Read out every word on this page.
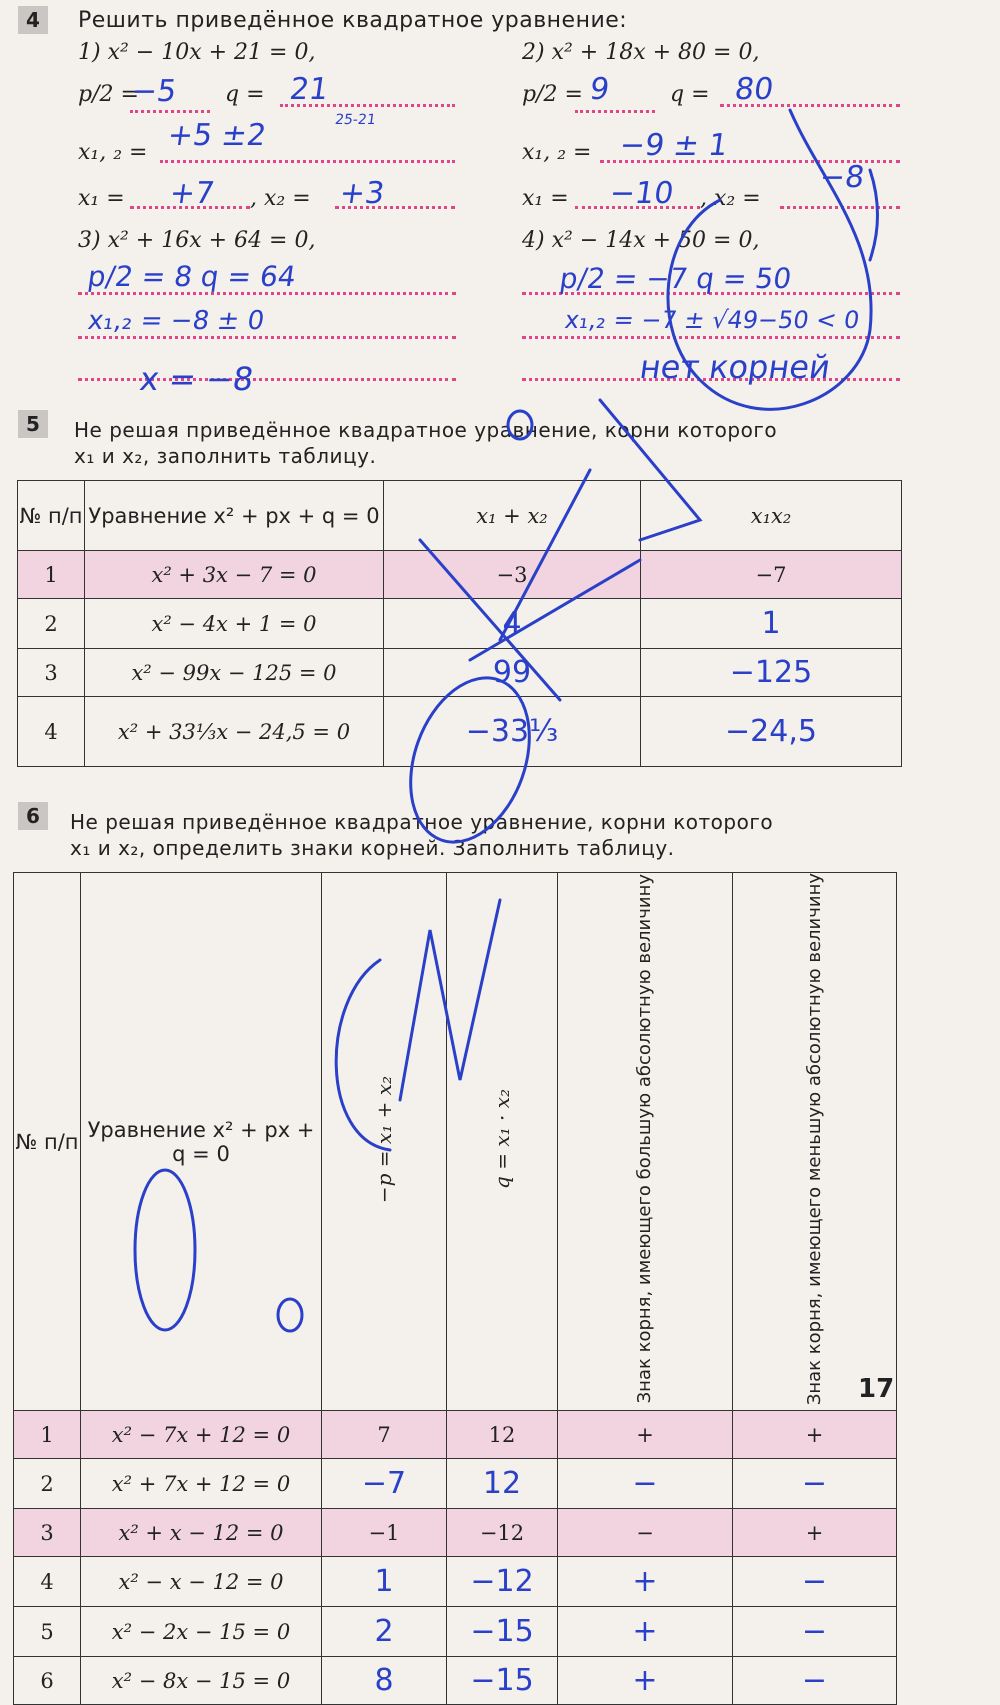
4	Решить приведённое квадратное уравнение:
1) x² − 10x + 21 = 0,	2) x² + 18x + 80 = 0,
p/2 =	q =	p/2 =	q =
−5	21	9	80
x₁, ₂ =	x₁, ₂ =
+5 ±2	25-21
−9 ± 1
x₁ =	, x₂ =	x₁ =	, x₂ =
+7	+3	−10	−8
3) x² + 16x + 64 = 0,	4) x² − 14x + 50 = 0,
p/2 = 8 q = 64
x₁,₂ = −8 ± 0
x = −8
p/2 = −7 q = 50
x₁,₂ = −7 ± √49−50 < 0
нет корней
5	Не решая приведённое квадратное уравнение, корни которого
x₁ и x₂, заполнить таблицу.
№ п/п	Уравнение x² + px + q = 0	x₁ + x₂	x₁x₂
1	x² + 3x − 7 = 0	−3	−7
2	x² − 4x + 1 = 0	4	1
3	x² − 99x − 125 = 0	99	−125
4	x² + 33⅓x − 24,5 = 0	−33⅓	−24,5
6	Не решая приведённое квадратное уравнение, корни которого
x₁ и x₂, определить знаки корней. Заполнить таблицу.
№ п/п	Уравнение x² + px + q = 0	−p = x₁ + x₂	q = x₁ · x₂	Знак корня, имеющего большую абсолютную величину	Знак корня, имеющего меньшую абсолютную величину
1	x² − 7x + 12 = 0	7	12	+	+
2	x² + 7x + 12 = 0	−7	12	−	−
3	x² + x − 12 = 0	−1	−12	−	+
4	x² − x − 12 = 0	1	−12	+	−
5	x² − 2x − 15 = 0	2	−15	+	−
6	x² − 8x − 15 = 0	8	−15	+	−
17
